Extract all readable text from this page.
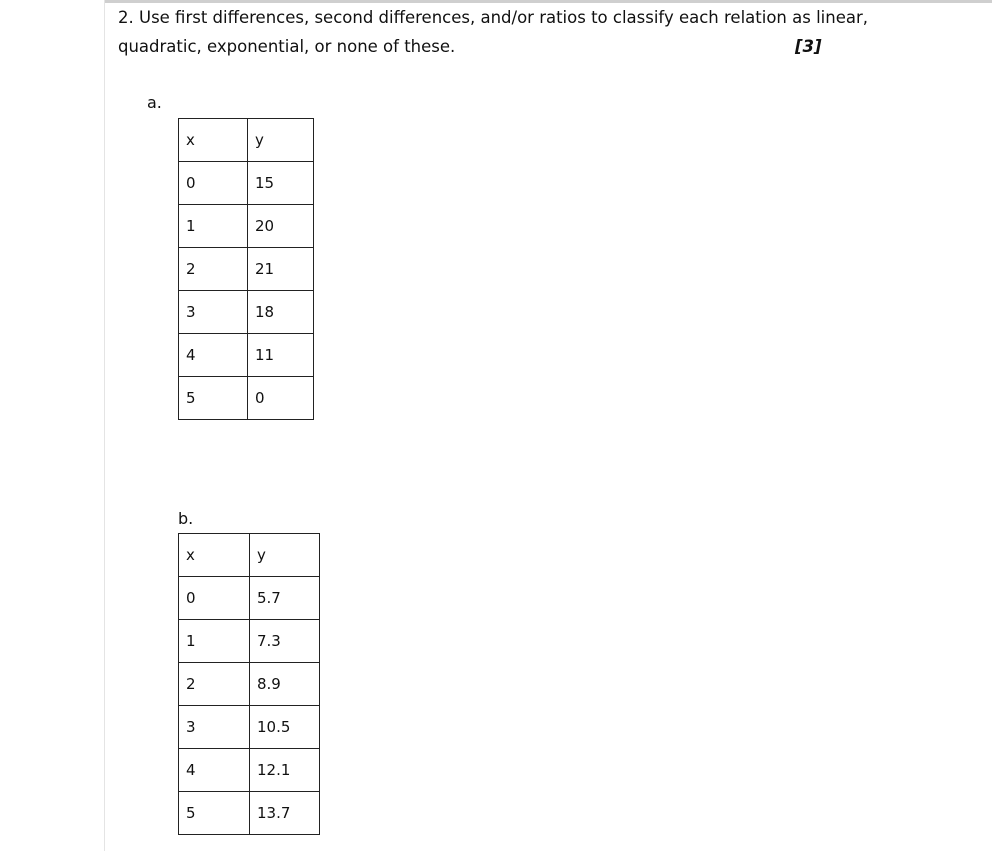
2. Use first differences, second differences, and/or ratios to classify each relation as linear,
quadratic, exponential, or none of these.	[3]
a.
x	y
0	15
1	20
2	21
3	18
4	11
5	0
b.
x	y
0	5.7
1	7.3
2	8.9
3	10.5
4	12.1
5	13.7
